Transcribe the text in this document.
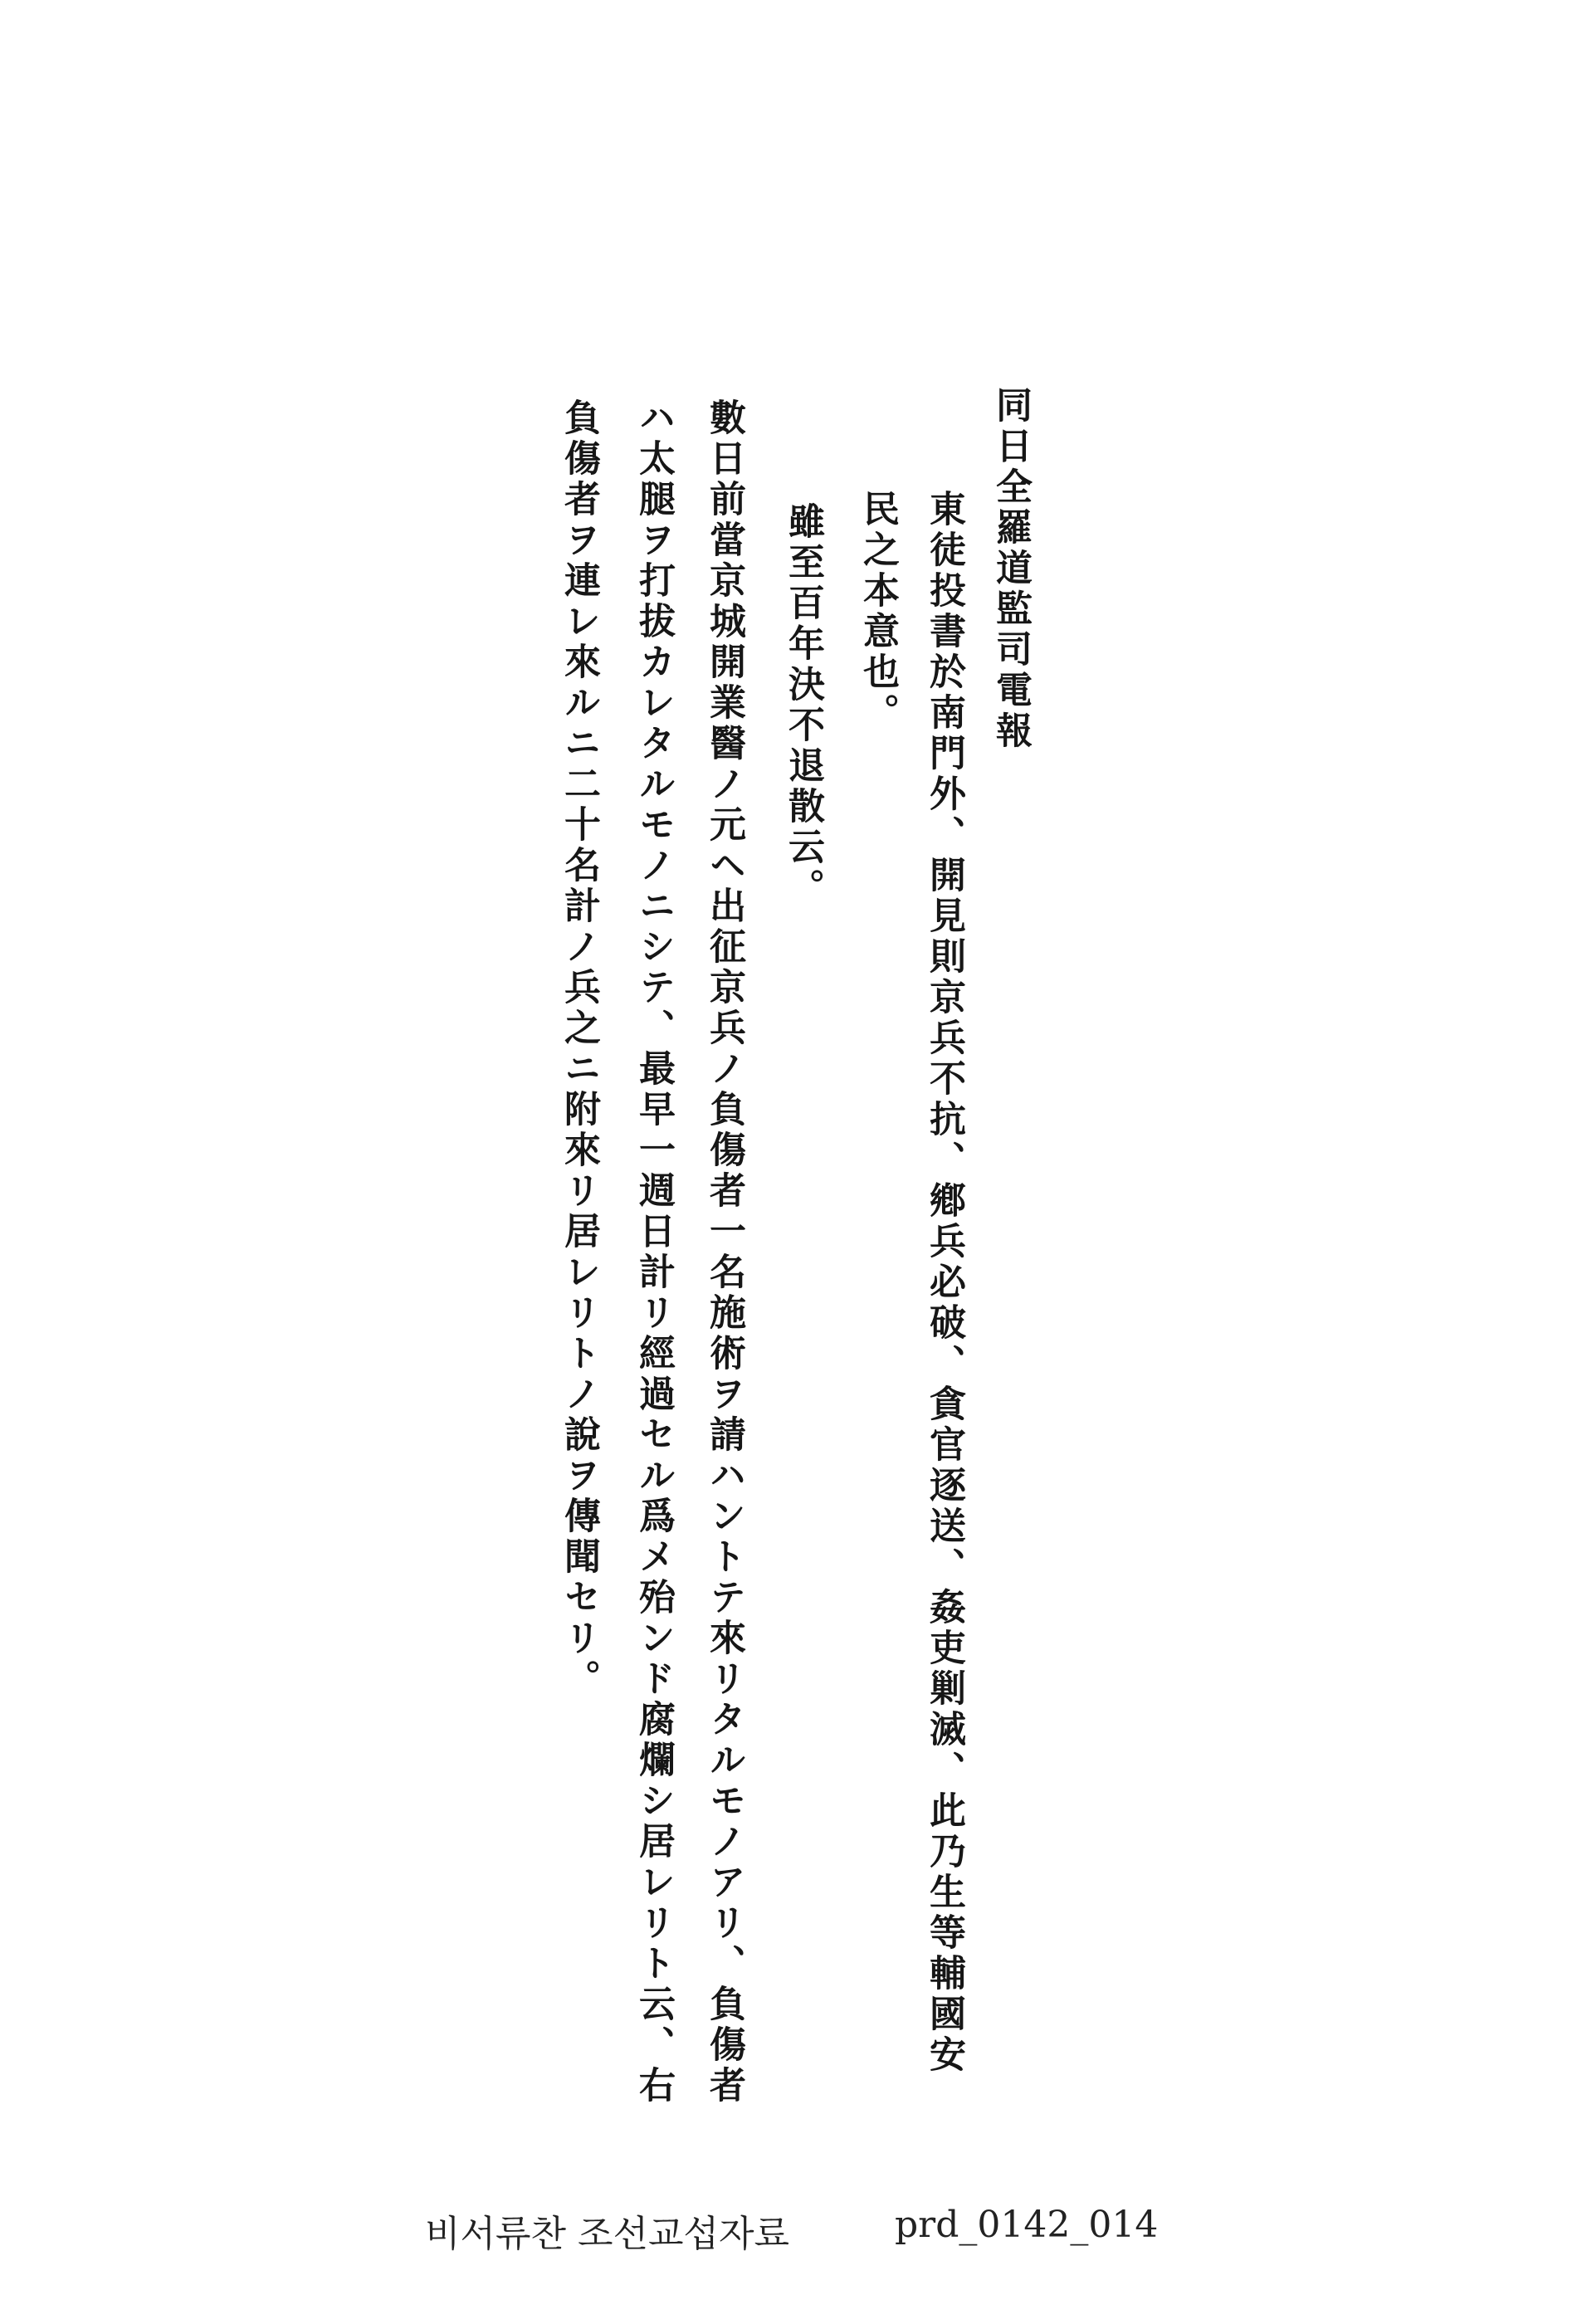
同日全羅道監司電報
東徒投書於南門外、開見則京兵不抗、鄕兵必破、貪官逐送、姦吏剿滅、此乃生等輔國安
民之本意也。
雖至百年決不退散云。
數日前當京城開業醫ノ元ヘ出征京兵ノ負傷者一名施術ヲ請ハントテ來リタルモノアリ、負傷者
ハ太腿ヲ打拔カレタルモノニシテ、最早一週日計リ經過セル爲メ殆ンド腐爛シ居レリト云、右
負傷者ヲ連レ來ルニ二十名計ノ兵之ニ附來リ居レリトノ說ヲ傳聞セリ。
비서류찬 조선교섭자료	prd_0142_014
